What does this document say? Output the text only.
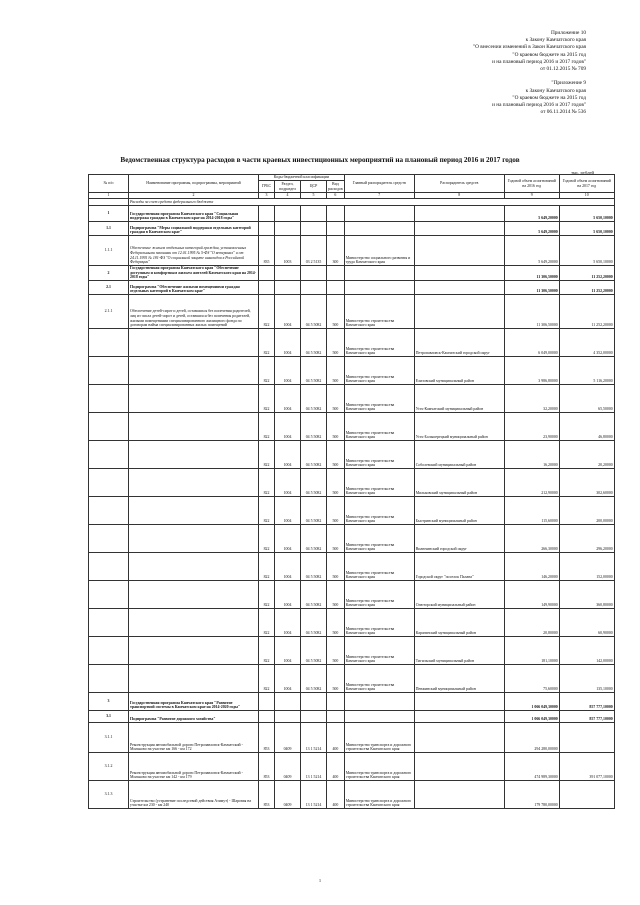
Приложение 10
к Закону Камчатского края
"О внесении изменений в Закон Камчатского края
"О краевом бюджете на 2015 год
и на плановый период 2016 и 2017 годов"
от 01.12.2015 № 709
"Приложение 9
к Закону Камчатского края
"О краевом бюджете на 2015 год
и на плановый период 2016 и 2017 годов"
от 06.11.2014 № 536
Ведомственная структура расходов в части краевых инвестиционных мероприятий на плановый период 2016 и 2017 годов
тыс. рублей
№ п/п	Наименование программы, подпрограммы, мероприятий	Коды бюджетной классификации				Главный распорядитель средств	Распорядитель средств	Годовой объем ассигнований на 2016 год	Годовой объем ассигнований на 2017 год
		ГРБС	Раздел, подраздел	ЦСР	Вид расходов				
1	2	3	4	5	6	7	8	9	10
	Расходы за счет средств федерального бюджета								
1	Государственная программа Камчатского края "Социальная поддержка граждан в Камчатском крае на 2014-2018 годы"							5 649,20000	5 650,10000
1.1	Подпрограмма "Меры социальной поддержки отдельных категорий граждан в Камчатском крае"							5 649,20000	5 650,10000
1.1.1	Обеспечение жильем отдельных категорий граждан, установленных Федеральными законами от 12.01.1995 № 5-ФЗ "О ветеранах" и от 24.11.1995 № 181-ФЗ "О социальной защите инвалидов в Российской Федерации"	835	1003	03 2 5135	300	Министерство социального развития и труда Камчатского края		5 649,20000	5 650,10000
2	Государственная программа Камчатского края "Обеспечение доступным и комфортным жильем жителей Камчатского края на 2014-2018 годы"							11 306,50000	11 252,20000
2.1	Подпрограмма "Обеспечение жилыми помещениями граждан отдельных категорий в Камчатском крае"							11 306,50000	11 252,20000
2.1.1	Обеспечение детей-сирот и детей, оставшихся без попечения родителей, лиц из числа детей-сирот и детей, оставшихся без попечения родителей, жилыми помещениями специализированного жилищного фонда по договорам найма специализированных жилых помещений	822	1004	04 5 5082	500	Министерство строительства Камчатского края		11 306,50000	11 252,20000
		822	1004	04 5 5082	500	Министерство строительства Камчатского края	Петропавловск-Камчатский городской округ	6 049,00000	4 352,00000
		822	1004	04 5 5082	500	Министерство строительства Камчатского края	Елизовский муниципальный район	3 986,80000	5 116,20000
		822	1004	04 5 5082	500	Министерство строительства Камчатского края	Усть-Камчатский муниципальный район	32,20000	65,50000
		822	1004	04 5 5082	500	Министерство строительства Камчатского края	Усть-Большерецкий муниципальный район	23,90000	46,80000
		822	1004	04 5 5082	500	Министерство строительства Камчатского края	Соболевский муниципальный район	16,20000	20,20000
		822	1004	04 5 5082	500	Министерство строительства Камчатского края	Мильковский муниципальный район	212,90000	302,60000
		822	1004	04 5 5082	500	Министерство строительства Камчатского края	Быстринский муниципальный район	115,60000	200,00000
		822	1004	04 5 5082	500	Министерство строительства Камчатского края	Вилючинский городской округ	266,30000	296,20000
		822	1004	04 5 5082	500	Министерство строительства Камчатского края	Городской округ "поселок Палана"	146,20000	152,00000
		822	1004	04 5 5082	500	Министерство строительства Камчатского края	Олюторский муниципальный район	149,90000	360,80000
		822	1004	04 5 5082	500	Министерство строительства Камчатского края	Карагинский муниципальный район	20,80000	60,90000
		822	1004	04 5 5082	500	Министерство строительства Камчатского края	Тигильский муниципальный район	181,10000	142,00000
		822	1004	04 5 5082	500	Министерство строительства Камчатского края	Пенжинский муниципальный район	75,60000	135,10000
3	Государственная программа Камчатского края "Развитие транспортной системы в Камчатском крае на 2014-2020 годы"							1 066 049,30000	857 777,10000
3.1	Подпрограмма "Развитие дорожного хозяйства"							1 066 049,30000	857 777,10000
3.1.1	Реконструкция автомобильной дороги Петропавловск-Камчатский - Мильково на участке км 166 - км 172	853	0409	13 1 5214	400	Министерство транспорта и дорожного строительства Камчатского края		294 280,00000	
3.1.2	Реконструкция автомобильной дороги Петропавловск-Камчатский - Мильково на участке км 142 - км 179	853	0409	13 1 5214	400	Министерство транспорта и дорожного строительства Камчатского края		474 989,30000	391 077,10000
3.1.3	Строительство (устранение последствий действия Азимут) - Шаровая на участке км 230 - км 240	853	0409	13 1 5214	400	Министерство транспорта и дорожного строительства Камчатского края		179 780,00000	
1
